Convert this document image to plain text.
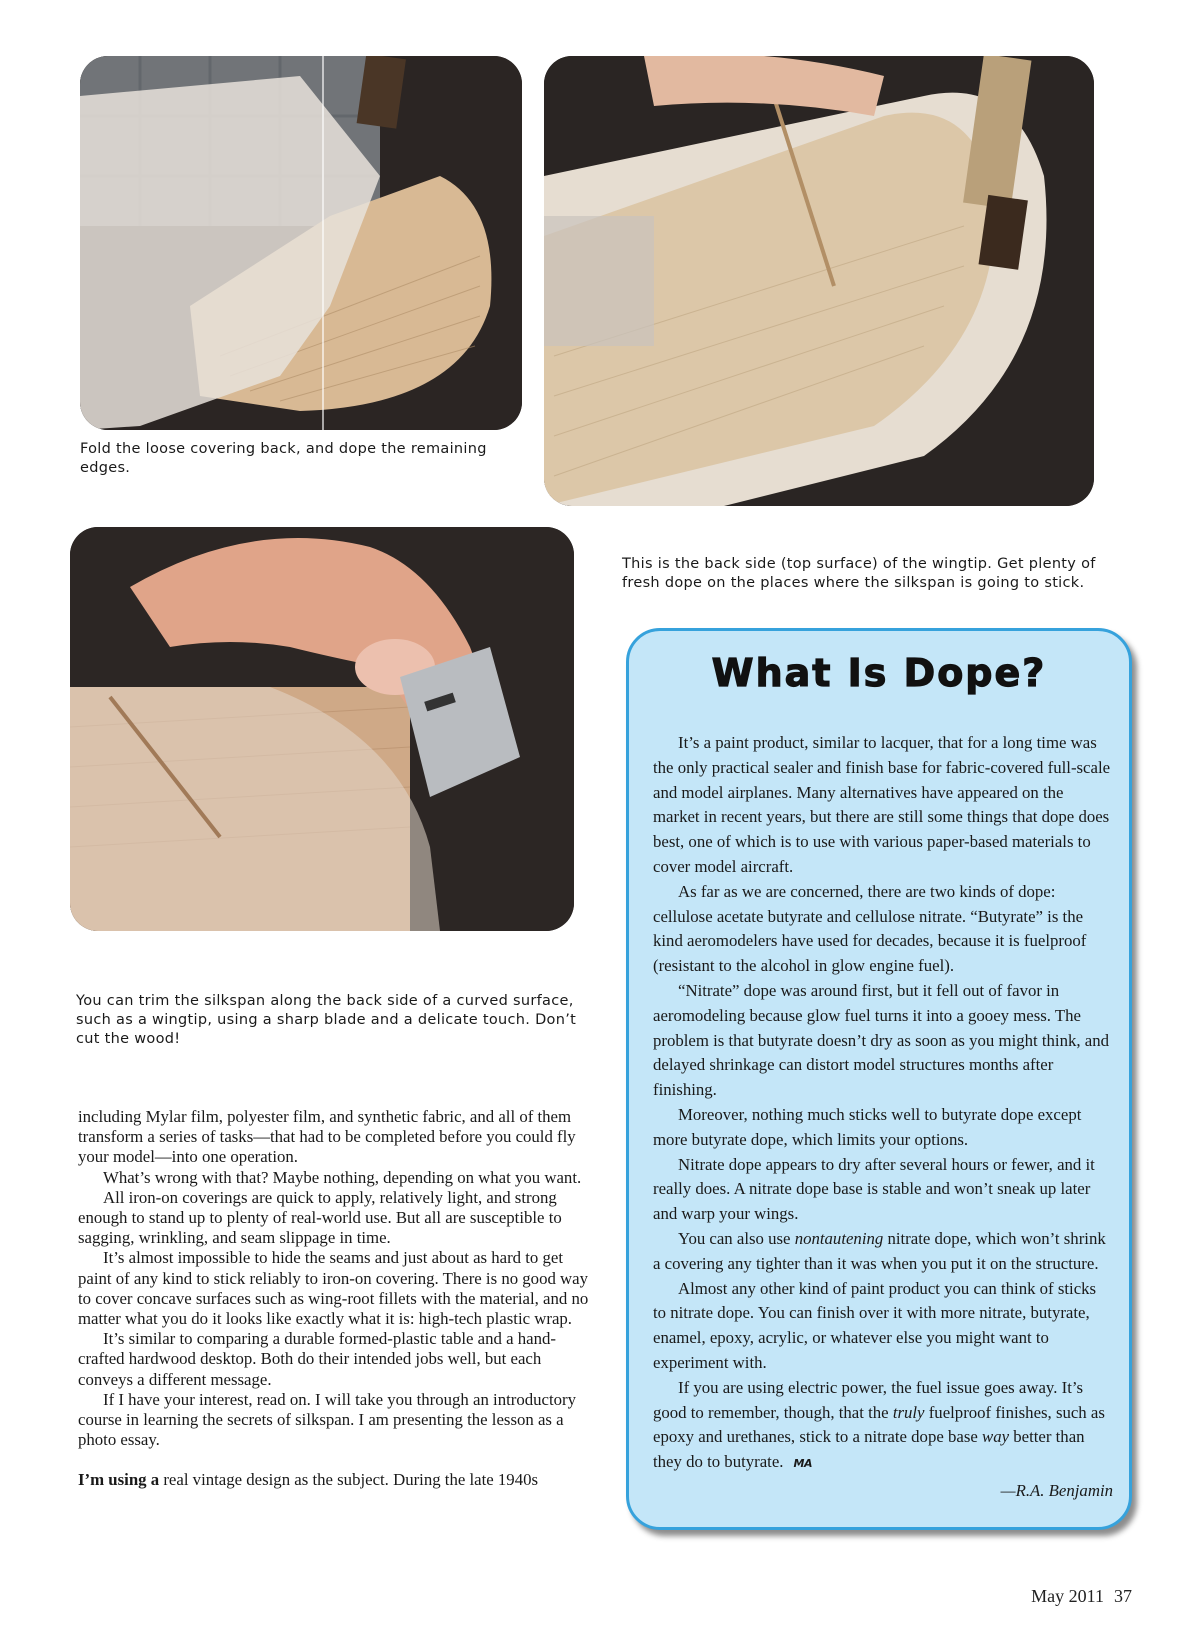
Fold the loose covering back, and dope the remaining edges.

This is the back side (top surface) of the wingtip. Get plenty of fresh dope on the places where the silkspan is going to stick.

You can trim the silkspan along the back side of a curved surface, such as a wingtip, using a sharp blade and a delicate touch. Don’t cut the wood!

including Mylar film, polyester film, and synthetic fabric, and all of them transform a series of tasks—that had to be completed before you could fly your model—into one operation.

What’s wrong with that? Maybe nothing, depending on what you want.

All iron-on coverings are quick to apply, relatively light, and strong enough to stand up to plenty of real-world use. But all are susceptible to sagging, wrinkling, and seam slippage in time.

It’s almost impossible to hide the seams and just about as hard to get paint of any kind to stick reliably to iron-on covering. There is no good way to cover concave surfaces such as wing-root fillets with the material, and no matter what you do it looks like exactly what it is: high-tech plastic wrap.

It’s similar to comparing a durable formed-plastic table and a hand-crafted hardwood desktop. Both do their intended jobs well, but each conveys a different message.

If I have your interest, read on. I will take you through an introductory course in learning the secrets of silkspan. I am presenting the lesson as a photo essay.

I’m using a real vintage design as the subject. During the late 1940s

What Is Dope?

It’s a paint product, similar to lacquer, that for a long time was the only practical sealer and finish base for fabric-covered full-scale and model airplanes. Many alternatives have appeared on the market in recent years, but there are still some things that dope does best, one of which is to use with various paper-based materials to cover model aircraft.

As far as we are concerned, there are two kinds of dope: cellulose acetate butyrate and cellulose nitrate. “Butyrate” is the kind aeromodelers have used for decades, because it is fuelproof (resistant to the alcohol in glow engine fuel).

“Nitrate” dope was around first, but it fell out of favor in aeromodeling because glow fuel turns it into a gooey mess. The problem is that butyrate doesn’t dry as soon as you might think, and delayed shrinkage can distort model structures months after finishing.

Moreover, nothing much sticks well to butyrate dope except more butyrate dope, which limits your options.

Nitrate dope appears to dry after several hours or fewer, and it really does. A nitrate dope base is stable and won’t sneak up later and warp your wings.

You can also use nontautening nitrate dope, which won’t shrink a covering any tighter than it was when you put it on the structure.

Almost any other kind of paint product you can think of sticks to nitrate dope. You can finish over it with more nitrate, butyrate, enamel, epoxy, acrylic, or whatever else you might want to experiment with.

If you are using electric power, the fuel issue goes away. It’s good to remember, though, that the truly fuelproof finishes, such as epoxy and urethanes, stick to a nitrate dope base way better than they do to butyrate. MA

—R.A. Benjamin

May 2011 37
